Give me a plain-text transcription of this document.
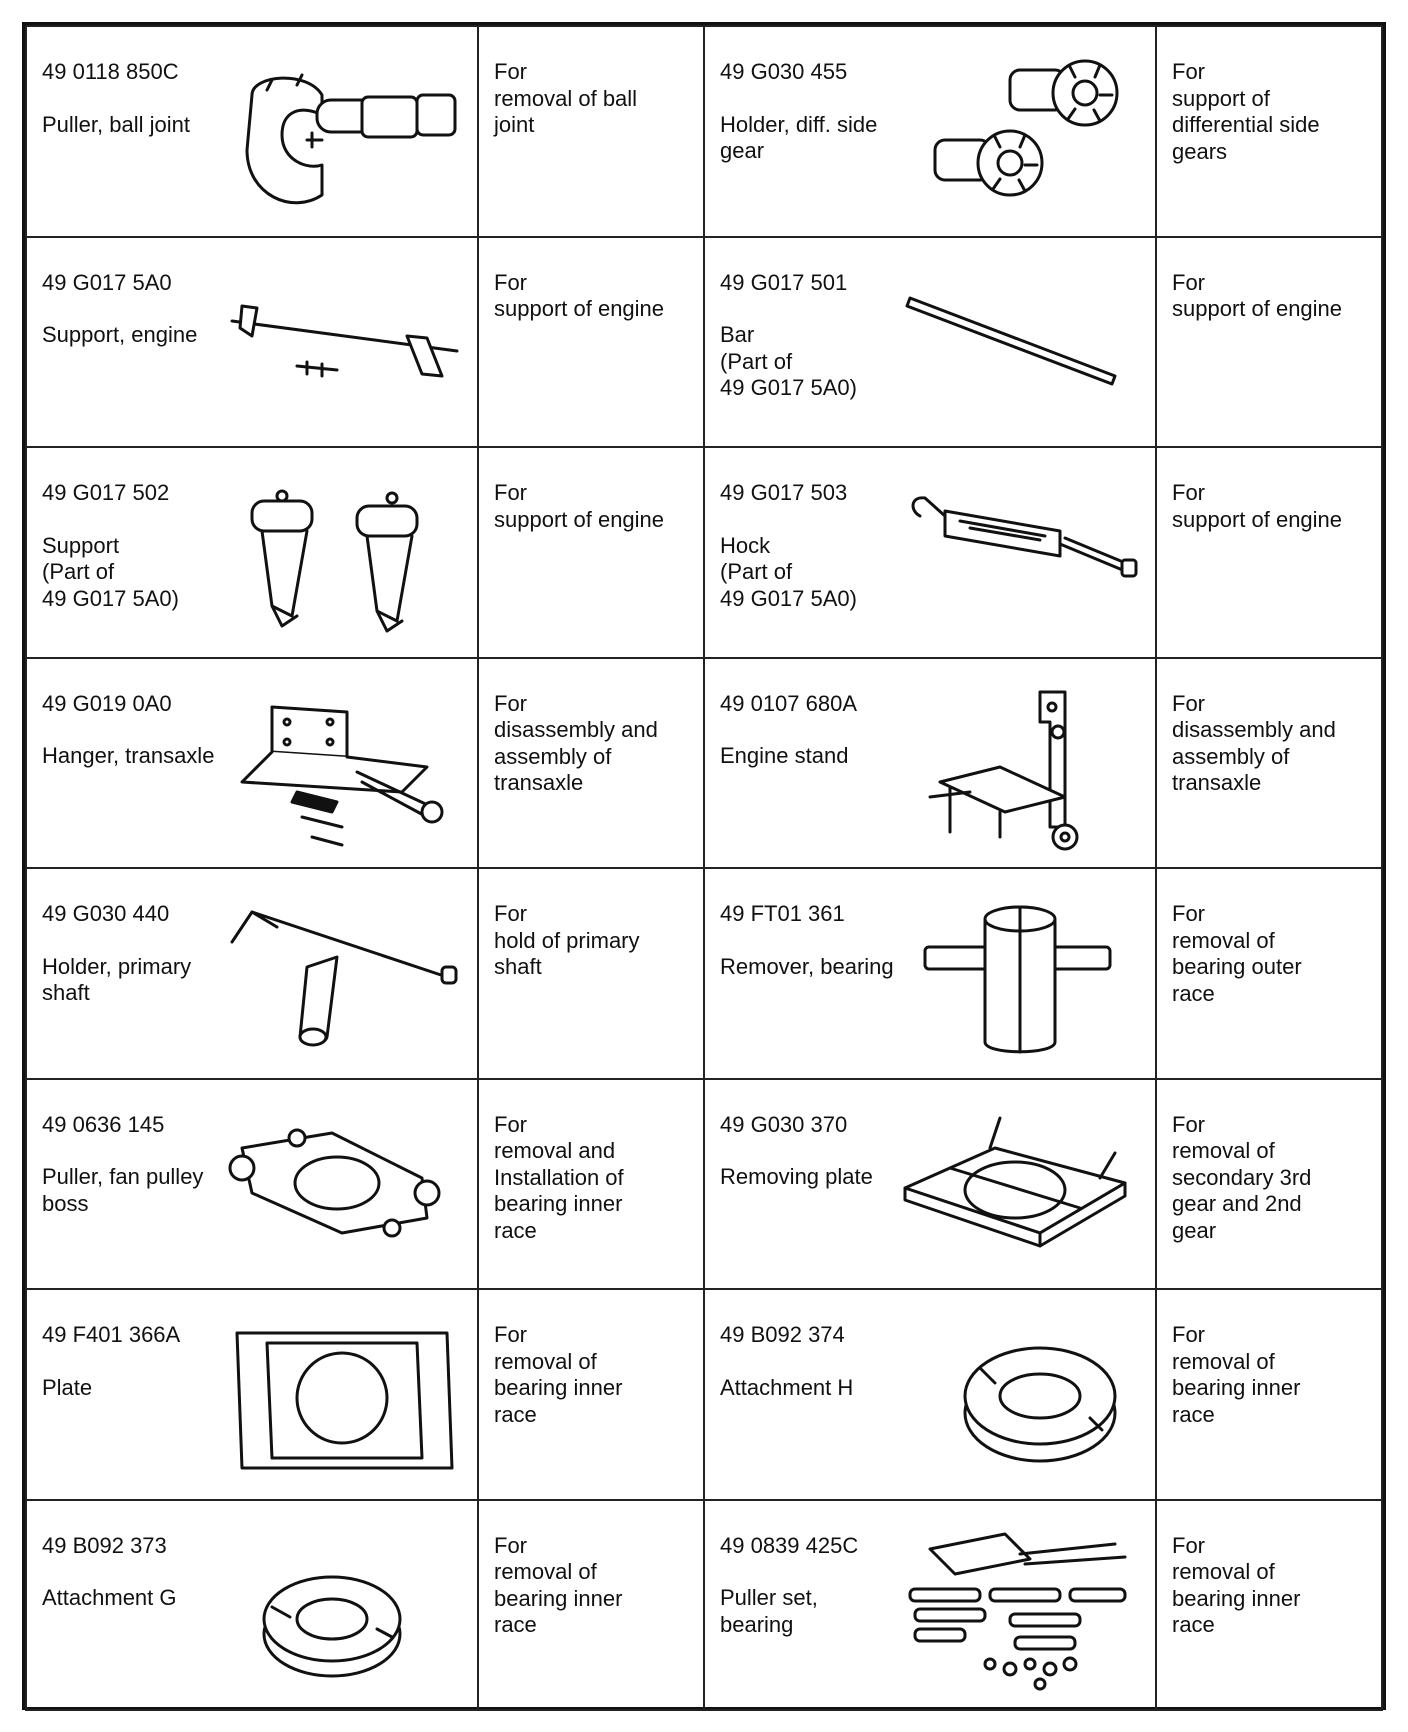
49 0118 850C
Puller, ball joint	For
removal of ball
joint	49 G030 455
Holder, diff. side
gear	For
support of
differential side
gears

49 G017 5A0
Support, engine	For
support of engine	49 G017 501
Bar
(Part of
49 G017 5A0)	For
support of engine

49 G017 502
Support
(Part of
49 G017 5A0)	For
support of engine	49 G017 503
Hock
(Part of
49 G017 5A0)	For
support of engine

49 G019 0A0
Hanger, transaxle	For
disassembly and
assembly of
transaxle	49 0107 680A
Engine stand	For
disassembly and
assembly of
transaxle

49 G030 440
Holder, primary
shaft	For
hold of primary
shaft	49 FT01 361
Remover, bearing	For
removal of
bearing outer
race

49 0636 145
Puller, fan pulley
boss	For
removal and
Installation of
bearing inner
race	49 G030 370
Removing plate	For
removal of
secondary 3rd
gear and 2nd
gear

49 F401 366A
Plate	For
removal of
bearing inner
race	49 B092 374
Attachment H	For
removal of
bearing inner
race

49 B092 373
Attachment G	For
removal of
bearing inner
race	49 0839 425C
Puller set,
bearing	For
removal of
bearing inner
race
